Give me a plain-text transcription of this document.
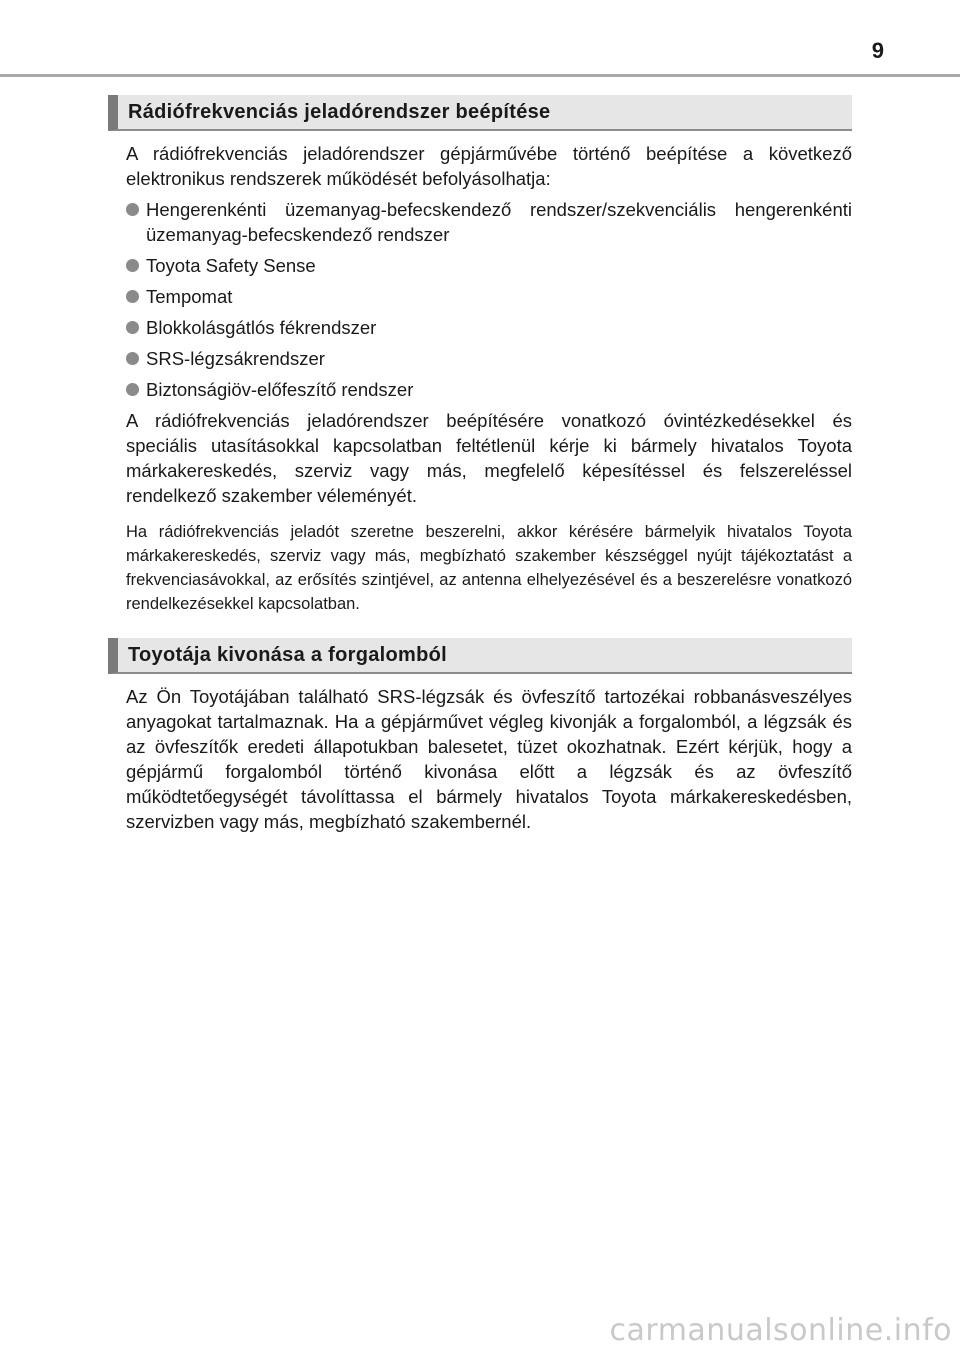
9
Rádiófrekvenciás jeladórendszer beépítése

A rádiófrekvenciás jeladórendszer gépjárművébe történő beépítése a következő elektronikus rendszerek működését befolyásolhatja:

Hengerenkénti üzemanyag-befecskendező rendszer/szekvenciális hengerenkénti üzemanyag-befecskendező rendszer
Toyota Safety Sense
Tempomat
Blokkolásgátlós fékrendszer
SRS-légzsákrendszer
Biztonságiöv-előfeszítő rendszer

A rádiófrekvenciás jeladórendszer beépítésére vonatkozó óvintézkedésekkel és speciális utasításokkal kapcsolatban feltétlenül kérje ki bármely hivatalos Toyota márkakereskedés, szerviz vagy más, megfelelő képesítéssel és felszereléssel rendelkező szakember véleményét.

Ha rádiófrekvenciás jeladót szeretne beszerelni, akkor kérésére bármelyik hivatalos Toyota márkakereskedés, szerviz vagy más, megbízható szakember készséggel nyújt tájékoztatást a frekvenciasávokkal, az erősítés szintjével, az antenna elhelyezésével és a beszerelésre vonatkozó rendelkezésekkel kapcsolatban.

Toyotája kivonása a forgalomból

Az Ön Toyotájában található SRS-légzsák és övfeszítő tartozékai robbanásveszélyes anyagokat tartalmaznak. Ha a gépjárművet végleg kivonják a forgalomból, a légzsák és az övfeszítők eredeti állapotukban balesetet, tüzet okozhatnak. Ezért kérjük, hogy a gépjármű forgalomból történő kivonása előtt a légzsák és az övfeszítő működtetőegységét távolíttassa el bármely hivatalos Toyota márkakereskedésben, szervizben vagy más, megbízható szakembernél.

carmanualsonline.info
